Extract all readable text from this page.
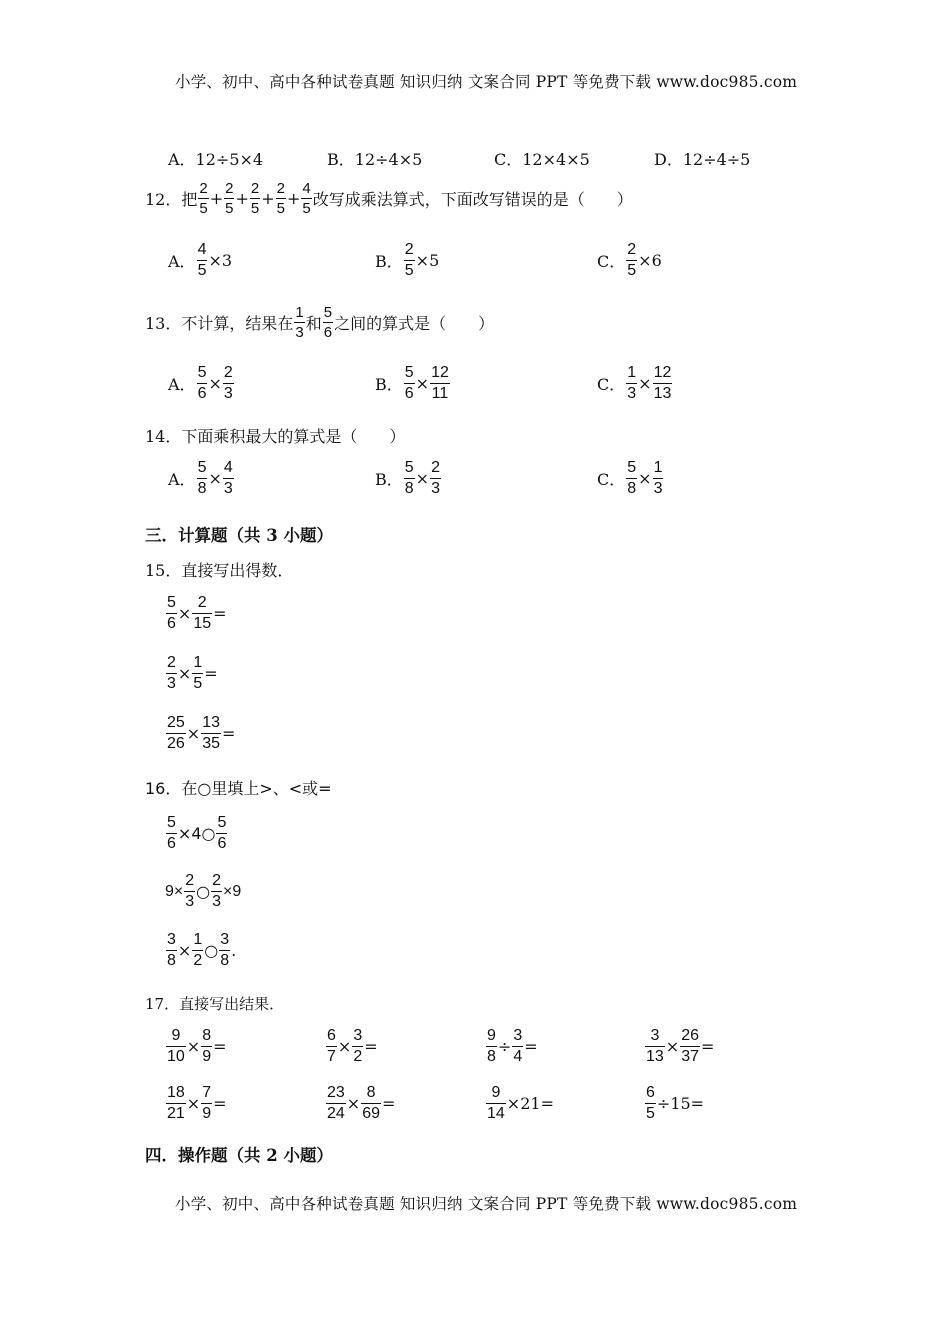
小学、初中、高中各种试卷真题 知识归纳 文案合同 PPT 等免费下载 www.doc985.com
A．12÷5×4	B．12÷4×5	C．12×4×5	D．12÷4÷5
12．把 $\frac{2}{5} + \frac{2}{5} + \frac{2}{5} + \frac{2}{5} + \frac{4}{5}$ 改写成乘法算式，下面改写错误的是（　　）
A． $\frac{4}{5} \times 3$	B． $\frac{2}{5} \times 5$	C． $\frac{2}{5} \times 6$
13．不计算，结果在 $\frac{1}{3}$ 和 $\frac{5}{6}$ 之间的算式是（　　）
A． $\frac{5}{6} \times \frac{2}{3}$	B． $\frac{5}{6} \times \frac{12}{11}$	C． $\frac{1}{3} \times \frac{12}{13}$
14．下面乘积最大的算式是（　　）
A． $\frac{5}{8} \times \frac{4}{3}$	B． $\frac{5}{8} \times \frac{2}{3}$	C． $\frac{5}{8} \times \frac{1}{3}$
三．计算题（共 3 小题）
15．直接写出得数．
$\frac{5}{6} \times \frac{2}{15}$ =
$\frac{2}{3} \times \frac{1}{5}$ =
$\frac{25}{26} \times \frac{13}{35}$ =
16．在○里填上>、<或=
$\frac{5}{6}$ ×4○ $\frac{5}{6}$
$9\times \frac{2}{3}$ ○ $\frac{2}{3} \times 9$
$\frac{3}{8} \times \frac{1}{2}$ ○ $\frac{3}{8}$ .
17．直接写出结果．
$\frac{9}{10} \times \frac{8}{9}$ =	$\frac{6}{7} \times \frac{3}{2}$ =	$\frac{9}{8} \div \frac{3}{4}$ =	$\frac{3}{13} \times \frac{26}{37}$ =
$\frac{18}{21} \times \frac{7}{9}$ =	$\frac{23}{24} \times \frac{8}{69}$ =	$\frac{9}{14} \times 21=$	$\frac{6}{5} \div 15=$
四．操作题（共 2 小题）
小学、初中、高中各种试卷真题 知识归纳 文案合同 PPT 等免费下载 www.doc985.com
